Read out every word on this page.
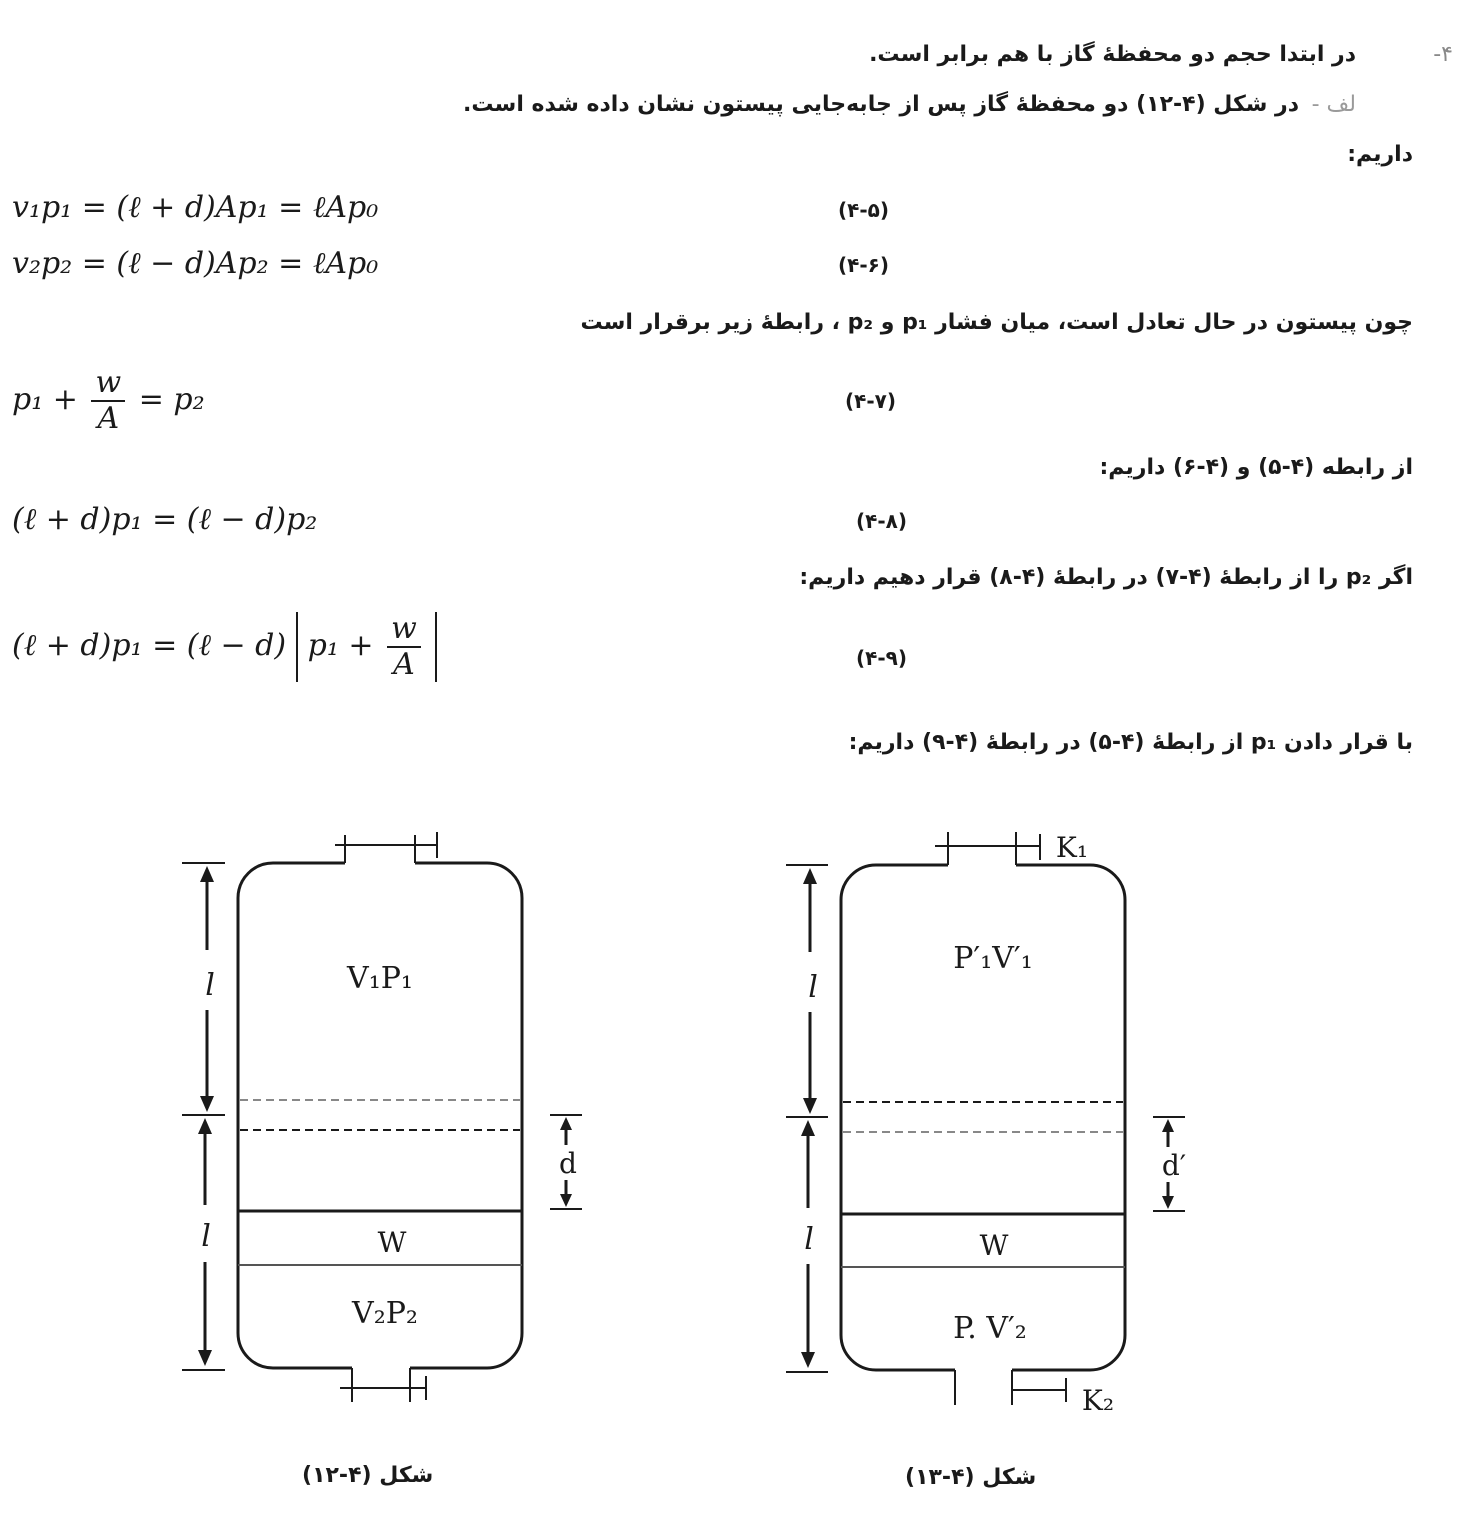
۴-
در ابتدا حجم دو محفظهٔ گاز با هم برابر است.
لف -
در شکل (۴-۱۲) دو محفظهٔ گاز پس از جابه‌جایی پیستون نشان داده شده است.
داریم:
v₁p₁ = (ℓ + d)Ap₁ = ℓAp₀	(۴-۵)
v₂p₂ = (ℓ − d)Ap₂ = ℓAp₀	(۴-۶)
چون پیستون در حال تعادل است، میان فشار p₁ و p₂ ، رابطهٔ زیر برقرار است
$p_1 + \frac{w}{A} = p_2$	(۴-۷)
از رابطه (۴-۵) و (۴-۶) داریم:
(ℓ + d)p₁ = (ℓ − d)p₂	(۴-۸)
اگر p₂ را از رابطهٔ (۴-۷) در رابطهٔ (۴-۸) قرار دهیم داریم:
(ℓ + d)p₁ = (ℓ − d) $p_1 + \frac{w}{A}$	(۴-۹)
با قرار دادن p₁ از رابطهٔ (۴-۵) در رابطهٔ (۴-۹) داریم:
V₁P₁
W
V₂P₂
l
l
d
شکل (۴-۱۲)
P′₁V′₁
W
P. V′₂
l
l
d′
K₁
K₂
شکل (۴-۱۳)
